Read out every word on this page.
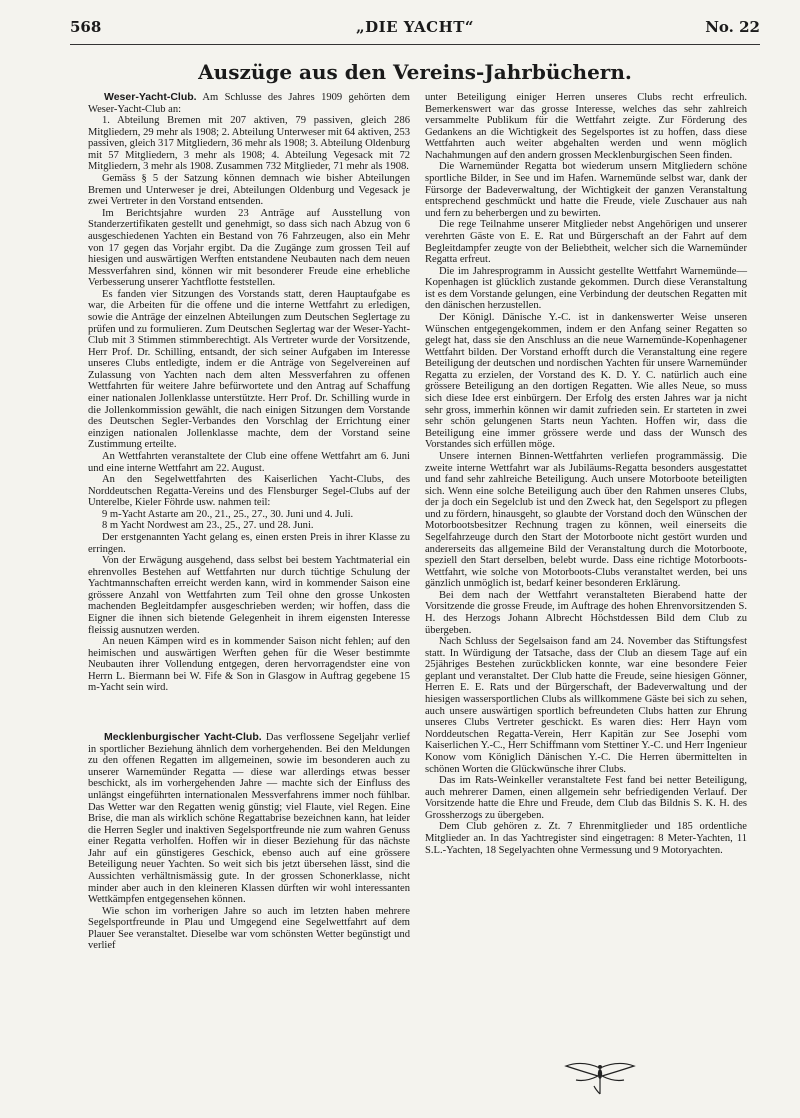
568	„DIE YACHT“	No. 22
Auszüge aus den Vereins-Jahrbüchern.

Weser-Yacht-Club. Am Schlusse des Jahres 1909 gehörten dem Weser-Yacht-Club an:

1. Abteilung Bremen mit 207 aktiven, 79 passiven, gleich 286 Mitgliedern, 29 mehr als 1908; 2. Abteilung Unterweser mit 64 aktiven, 253 passiven, gleich 317 Mitgliedern, 36 mehr als 1908; 3. Abteilung Oldenburg mit 57 Mitgliedern, 3 mehr als 1908; 4. Abteilung Vegesack mit 72 Mitgliedern, 3 mehr als 1908. Zusammen 732 Mitglieder, 71 mehr als 1908.

Gemäss § 5 der Satzung können demnach wie bisher Abteilungen Bremen und Unterweser je drei, Abteilungen Oldenburg und Vegesack je zwei Vertreter in den Vorstand entsenden.

Im Berichtsjahre wurden 23 Anträge auf Ausstellung von Standerzertifikaten gestellt und genehmigt, so dass sich nach Abzug von 6 ausgeschiedenen Yachten ein Bestand von 76 Fahrzeugen, also ein Mehr von 17 gegen das Vorjahr ergibt. Da die Zugänge zum grossen Teil auf hiesigen und auswärtigen Werften entstandene Neubauten nach dem neuen Messverfahren sind, können wir mit besonderer Freude eine erhebliche Verbesserung unserer Yachtflotte feststellen.

Es fanden vier Sitzungen des Vorstands statt, deren Hauptaufgabe es war, die Arbeiten für die offene und die interne Wettfahrt zu erledigen, sowie die Anträge der einzelnen Abteilungen zum Deutschen Seglertage zu prüfen und zu formulieren. Zum Deutschen Seglertag war der Weser-Yacht-Club mit 3 Stimmen stimmberechtigt. Als Vertreter wurde der Vorsitzende, Herr Prof. Dr. Schilling, entsandt, der sich seiner Aufgaben im Interesse unseres Clubs entledigte, indem er die Anträge von Segelvereinen auf Zulassung von Yachten nach dem alten Messverfahren zu offenen Wettfahrten für weitere Jahre befürwortete und den Antrag auf Schaffung einer nationalen Jollenklasse unterstützte. Herr Prof. Dr. Schilling wurde in die Jollenkommission gewählt, die nach einigen Sitzungen dem Vorstande des Deutschen Segler-Verbandes den Vorschlag der Errichtung einer einzigen nationalen Jollenklasse machte, dem der Vorstand seine Zustimmung erteilte.

An Wettfahrten veranstaltete der Club eine offene Wettfahrt am 6. Juni und eine interne Wettfahrt am 22. August.

An den Segelwettfahrten des Kaiserlichen Yacht-Clubs, des Norddeutschen Regatta-Vereins und des Flensburger Segel-Clubs auf der Unterelbe, Kieler Föhrde usw. nahmen teil:

9 m-Yacht Astarte am 20., 21., 25., 27., 30. Juni und 4. Juli.

8 m Yacht Nordwest am 23., 25., 27. und 28. Juni.

Der erstgenannten Yacht gelang es, einen ersten Preis in ihrer Klasse zu erringen.

Von der Erwägung ausgehend, dass selbst bei bestem Yachtmaterial ein ehrenvolles Bestehen auf Wettfahrten nur durch tüchtige Schulung der Yachtmannschaften erreicht werden kann, wird in kommender Saison eine grössere Anzahl von Wettfahrten zum Teil ohne den grosse Unkosten machenden Begleitdampfer ausgeschrieben werden; wir hoffen, dass die Eigner die ihnen sich bietende Gelegenheit in ihrem eigensten Interesse fleissig ausnutzen werden.

An neuen Kämpen wird es in kommender Saison nicht fehlen; auf den heimischen und auswärtigen Werften gehen für die Weser bestimmte Neubauten ihrer Vollendung entgegen, deren hervorragendster eine von Herrn L. Biermann bei W. Fife & Son in Glasgow in Auftrag gegebene 15 m-Yacht sein wird.

Mecklenburgischer Yacht-Club. Das verflossene Segeljahr verlief in sportlicher Beziehung ähnlich dem vorhergehenden. Bei den Meldungen zu den offenen Regatten im allgemeinen, sowie im besonderen auch zu unserer Warnemünder Regatta — diese war allerdings etwas besser beschickt, als im vorhergehenden Jahre — machte sich der Einfluss des unlängst eingeführten internationalen Messverfahrens immer noch fühlbar. Das Wetter war den Regatten wenig günstig; viel Flaute, viel Regen. Eine Brise, die man als wirklich schöne Regattabrise bezeichnen kann, hat leider die Herren Segler und inaktiven Segelsportfreunde nie zum wahren Genuss einer Regatta verholfen. Hoffen wir in dieser Beziehung für das nächste Jahr auf ein günstigeres Geschick, ebenso auch auf eine grössere Beteiligung neuer Yachten. So weit sich bis jetzt übersehen lässt, sind die Aussichten verhältnismässig gute. In der grossen Schonerklasse, nicht minder aber auch in den kleineren Klassen dürften wir wohl interessanten Wettkämpfen entgegensehen können.

Wie schon im vorherigen Jahre so auch im letzten haben mehrere Segelsportfreunde in Plau und Umgegend eine Segelwettfahrt auf dem Plauer See veranstaltet. Dieselbe war vom schönsten Wetter begünstigt und verlief

unter Beteiligung einiger Herren unseres Clubs recht erfreulich. Bemerkenswert war das grosse Interesse, welches das sehr zahlreich versammelte Publikum für die Wettfahrt zeigte. Zur Förderung des Gedankens an die Wichtigkeit des Segelsportes ist zu hoffen, dass diese Wettfahrten auch weiter abgehalten werden und wenn möglich Nachahmungen auf den andern grossen Mecklenburgischen Seen finden.

Die Warnemünder Regatta bot wiederum unsern Mitgliedern schöne sportliche Bilder, in See und im Hafen. Warnemünde selbst war, dank der Fürsorge der Badeverwaltung, der Wichtigkeit der ganzen Veranstaltung entsprechend geschmückt und hatte die Freude, viele Zuschauer aus nah und fern zu beherbergen und zu bewirten.

Die rege Teilnahme unserer Mitglieder nebst Angehörigen und unserer verehrten Gäste von E. E. Rat und Bürgerschaft an der Fahrt auf dem Begleitdampfer zeugte von der Beliebtheit, welcher sich die Warnemünder Regatta erfreut.

Die im Jahresprogramm in Aussicht gestellte Wettfahrt Warnemünde—Kopenhagen ist glücklich zustande gekommen. Durch diese Veranstaltung ist es dem Vorstande gelungen, eine Verbindung der deutschen Regatten mit den dänischen herzustellen.

Der Königl. Dänische Y.-C. ist in dankenswerter Weise unseren Wünschen entgegengekommen, indem er den Anfang seiner Regatten so gelegt hat, dass sie den Anschluss an die neue Warnemünde-Kopenhagener Wettfahrt bilden. Der Vorstand erhofft durch die Veranstaltung eine regere Beteiligung der deutschen und nordischen Yachten für unsere Warnemünder Regatta zu erzielen, der Vorstand des K. D. Y. C. natürlich auch eine grössere Beteiligung an den dortigen Regatten. Wie alles Neue, so muss sich diese Idee erst einbürgern. Der Erfolg des ersten Jahres war ja nicht sehr gross, immerhin können wir damit zufrieden sein. Er starteten in zwei sehr schön gelungenen Starts neun Yachten. Hoffen wir, dass die Beteiligung eine immer grössere werde und dass der Wunsch des Vorstandes sich erfüllen möge.

Unsere internen Binnen-Wettfahrten verliefen programmässig. Die zweite interne Wettfahrt war als Jubiläums-Regatta besonders ausgestattet und fand sehr zahlreiche Beteiligung. Auch unsere Motorboote beteiligten sich. Wenn eine solche Beteiligung auch über den Rahmen unseres Clubs, der ja doch ein Segelclub ist und den Zweck hat, den Segelsport zu pflegen und zu fördern, hinausgeht, so glaubte der Vorstand doch den Wünschen der Motorbootsbesitzer Rechnung tragen zu können, weil einerseits die Segelfahrzeuge durch den Start der Motorboote nicht gestört wurden und andererseits das allgemeine Bild der Veranstaltung durch die Motorboote, speziell den Start derselben, belebt wurde. Dass eine richtige Motorboots-Wettfahrt, wie solche von Motorboots-Clubs veranstaltet werden, bei uns gänzlich unmöglich ist, bedarf keiner besonderen Erklärung.

Bei dem nach der Wettfahrt veranstalteten Bierabend hatte der Vorsitzende die grosse Freude, im Auftrage des hohen Ehrenvorsitzenden S. H. des Herzogs Johann Albrecht Höchstdessen Bild dem Club zu übergeben.

Nach Schluss der Segelsaison fand am 24. November das Stiftungsfest statt. In Würdigung der Tatsache, dass der Club an diesem Tage auf ein 25jähriges Bestehen zurückblicken konnte, war eine besondere Feier geplant und veranstaltet. Der Club hatte die Freude, seine hiesigen Gönner, Herren E. E. Rats und der Bürgerschaft, der Badeverwaltung und der hiesigen wassersportlichen Clubs als willkommene Gäste bei sich zu sehen, auch unsere auswärtigen sportlich befreundeten Clubs hatten zur Ehrung unseres Clubs Vertreter geschickt. Es waren dies: Herr Hayn vom Norddeutschen Regatta-Verein, Herr Kapitän zur See Josephi vom Kaiserlichen Y.-C., Herr Schiffmann vom Stettiner Y.-C. und Herr Ingenieur Konow vom Königlich Dänischen Y.-C. Die Herren übermittelten in schönen Worten die Glückwünsche ihrer Clubs.

Das im Rats-Weinkeller veranstaltete Fest fand bei netter Beteiligung, auch mehrerer Damen, einen allgemein sehr befriedigenden Verlauf. Der Vorsitzende hatte die Ehre und Freude, dem Club das Bildnis S. K. H. des Grossherzogs zu übergeben.

Dem Club gehören z. Zt. 7 Ehrenmitglieder und 185 ordentliche Mitglieder an. In das Yachtregister sind eingetragen: 8 Meter-Yachten, 11 S.L.-Yachten, 18 Segelyachten ohne Vermessung und 9 Motoryachten.
